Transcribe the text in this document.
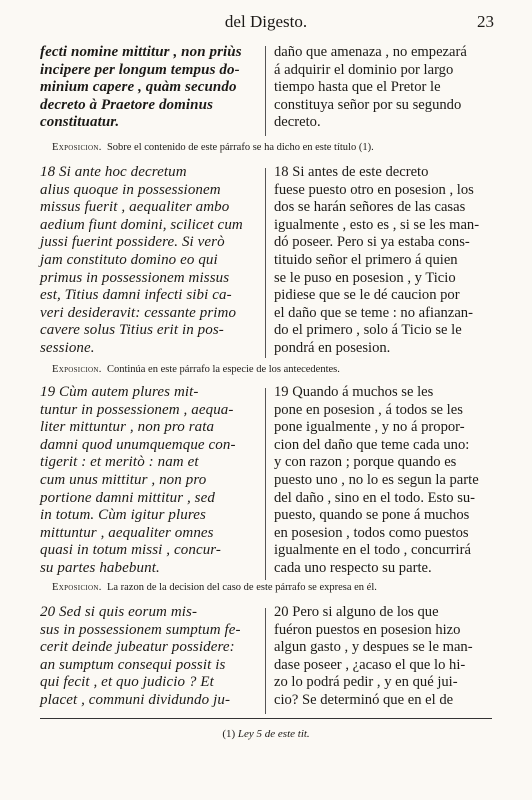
del Digesto.	23
fecti nomine mittitur , non priùs
incipere per longum tempus do-
minium capere , quàm secundo
decreto à Praetore dominus
constituatur.
daño que amenaza , no empezará
á adquirir el dominio por largo
tiempo hasta que el Pretor le
constituya señor por su segundo
decreto.
Exposicion. Sobre el contenido de este párrafo se ha dicho en este título (1).
18 Si ante hoc decretum
alius quoque in possessionem
missus fuerit , aequaliter ambo
aedium fiunt domini, scilicet cum
jussi fuerint possidere. Si verò
jam constituto domino eo qui
primus in possessionem missus
est, Titius damni infecti sibi ca-
veri desideravit: cessante primo
cavere solus Titius erit in pos-
sessione.
18 Si antes de este decreto
fuese puesto otro en posesion , los
dos se harán señores de las casas
igualmente , esto es , si se les man-
dó poseer. Pero si ya estaba cons-
tituido señor el primero á quien
se le puso en posesion , y Ticio
pidiese que se le dé caucion por
el daño que se teme : no afianzan-
do el primero , solo á Ticio se le
pondrá en posesion.
Exposicion. Continúa en este párrafo la especie de los antecedentes.
19 Cùm autem plures mit-
tuntur in possessionem , aequa-
liter mittuntur , non pro rata
damni quod unumquemque con-
tigerit : et meritò : nam et
cum unus mittitur , non pro
portione damni mittitur , sed
in totum. Cùm igitur plures
mittuntur , aequaliter omnes
quasi in totum missi , concur-
su partes habebunt.
19 Quando á muchos se les
pone en posesion , á todos se les
pone igualmente , y no á propor-
cion del daño que teme cada uno:
y con razon ; porque quando es
puesto uno , no lo es segun la parte
del daño , sino en el todo. Esto su-
puesto, quando se pone á muchos
en posesion , todos como puestos
igualmente en el todo , concurrirá
cada uno respecto su parte.
Exposicion. La razon de la decision del caso de este párrafo se expresa en él.
20 Sed si quis eorum mis-
sus in possessionem sumptum fe-
cerit deinde jubeatur possidere:
an sumptum consequi possit is
qui fecit , et quo judicio ? Et
placet , communi dividundo ju-
20 Pero si alguno de los que
fuéron puestos en posesion hizo
algun gasto , y despues se le man-
dase poseer , ¿acaso el que lo hi-
zo lo podrá pedir , y en qué jui-
cio? Se determinó que en el de
(1) Ley 5 de este tit.
